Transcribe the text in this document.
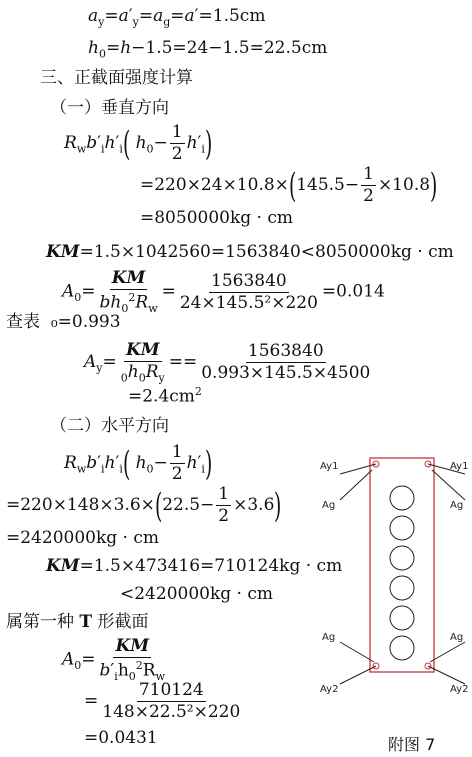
$a_y=a'_y=a_g=a'=1.5cm$
$h_0=h-1.5=24-1.5=22.5cm$
三、正截面强度计算
（一）垂直方向
$R_wb'_ih'_i$( $h_0- \frac{1}{2} h'_i$)
$=220\times 24\times 10.8\times(145.5- \frac{1}{2} \times 10.8)$
=8050000kg · cm
KM=1.5×1042560=1563840<8050000kg · cm
$A_0= \frac{KM}{bh_0^2R_w} = \frac{1563840}{\text{24×145.5²×220}} =0.014$
查表 ₀=0.993
$A_y= \frac{KM}{_0h_0R_y} == \frac{1563840}{0.993\times 145.5\times 4500}$
$=2.4cm^2$
（二）水平方向
$R_wb'_ih'_i$( $h_0- \frac{1}{2} h'_i$)
$=220\times 148\times 3.6\times(22.5- \frac{1}{2} \times 3.6)$
=2420000kg · cm
KM=1.5×473416=710124kg · cm
<2420000kg · cm
属第一种 T 形截面
$A_0= \frac{KM}{b'_ih_0^2R_w}$
= $\frac{710124}{\text{148×22.5²×220}}$
=0.0431
Ay1	Ay1
Ag	Ag
Ag	Ag
Ay2	Ay2
附图 7
